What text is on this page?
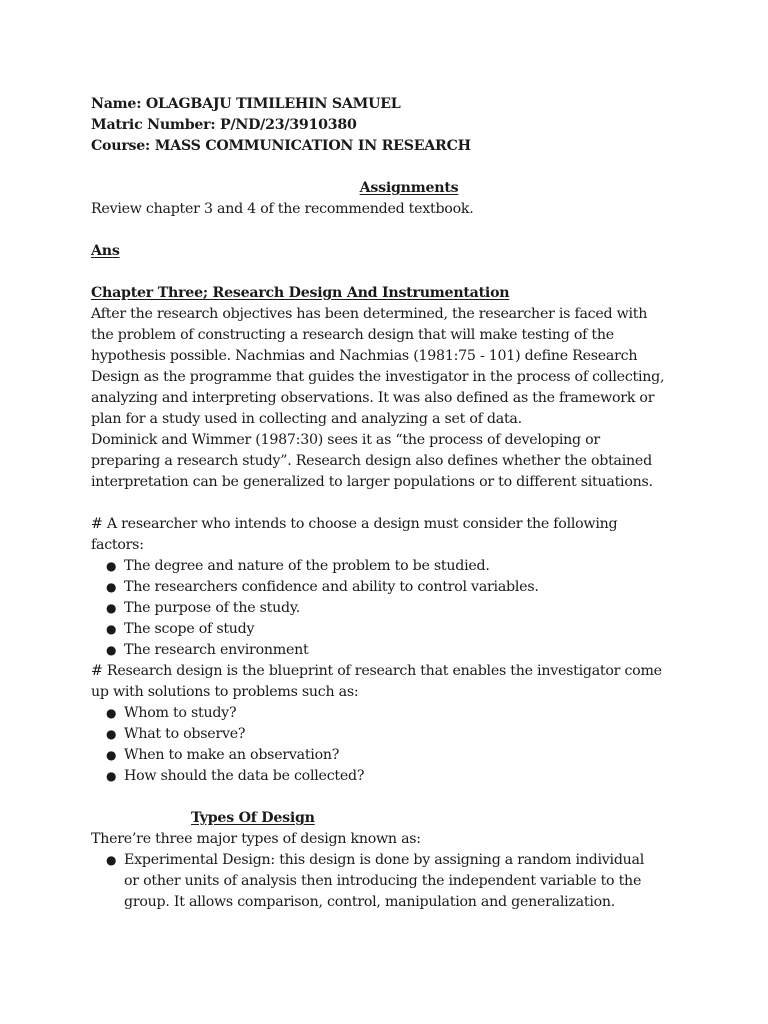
Name: OLAGBAJU TIMILEHIN SAMUEL

Matric Number: P/ND/23/3910380

Course: MASS COMMUNICATION IN RESEARCH

Assignments

Review chapter 3 and 4 of the recommended textbook.

Ans

Chapter Three; Research Design And Instrumentation

After the research objectives has been determined, the researcher is faced with

the problem of constructing a research design that will make testing of the

hypothesis possible. Nachmias and Nachmias (1981:75 - 101) define Research

Design as the programme that guides the investigator in the process of collecting,

analyzing and interpreting observations. It was also defined as the framework or

plan for a study used in collecting and analyzing a set of data.

Dominick and Wimmer (1987:30) sees it as “the process of developing or

preparing a research study”. Research design also defines whether the obtained

interpretation can be generalized to larger populations or to different situations.

# A researcher who intends to choose a design must consider the following

factors:

● The degree and nature of the problem to be studied.
● The researchers confidence and ability to control variables.
● The purpose of the study.
● The scope of study
● The research environment

# Research design is the blueprint of research that enables the investigator come

up with solutions to problems such as:

● Whom to study?
● What to observe?
● When to make an observation?
● How should the data be collected?

Types Of Design

There’re three major types of design known as:

● Experimental Design: this design is done by assigning a random individual
or other units of analysis then introducing the independent variable to the
group. It allows comparison, control, manipulation and generalization.
